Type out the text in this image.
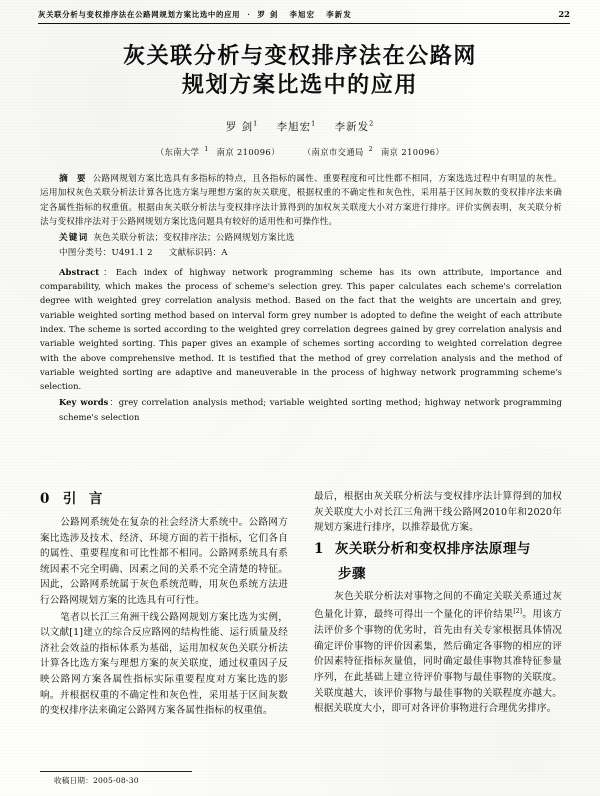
灰关联分析与变权排序法在公路网规划方案比选中的应用 · 罗 剑 李旭宏 李新发	22
灰关联分析与变权排序法在公路网
规划方案比选中的应用
罗 剑$^1$ 李旭宏$^1$ 李新发$^2$
（东南大学 $^1$ 南京 210096）	（南京市交通局 $^2$ 南京 210096）
摘 要 公路网规划方案比选具有多指标的特点，且各指标的属性、重要程度和可比性都不相同，方案选选过程中有明显的灰性。运用加权灰色关联分析法计算各比选方案与理想方案的灰关联度，根据权重的不确定性和灰色性，采用基于区间灰数的变权排序法来确定各属性指标的权重值。根据由灰关联分析法与变权排序法计算得到的加权灰关联度大小对方案进行排序。评价实例表明，灰关联分析法与变权排序法对于公路网规划方案比选问题具有较好的适用性和可操作性。
关键词 灰色关联分析法；变权排序法；公路网规划方案比选
中图分类号：U491.1 2 文献标识码：A
Abstract：Each index of highway network programming scheme has its own attribute, importance and comparability, which makes the process of scheme's selection grey. This paper calculates each scheme's correlation degree with weighted grey correlation analysis method. Based on the fact that the weights are uncertain and grey, variable weighted sorting method based on interval form grey number is adopted to define the weight of each attribute index. The scheme is sorted according to the weighted grey correlation degrees gained by grey correlation analysis and variable weighted sorting. This paper gives an example of schemes sorting according to weighted correlation degree with the above comprehensive method. It is testified that the method of grey correlation analysis and the method of variable weighted sorting are adaptive and maneuverable in the process of highway network programming scheme's selection.
Key words：grey correlation analysis method; variable weighted sorting method; highway network programming scheme's selection
0 引 言

公路网系统处在复杂的社会经济大系统中。公路网方案比选涉及技术、经济、环境方面的若干指标，它们各自的属性、重要程度和可比性都不相同。公路网系统具有系统因素不完全明确、因素之间的关系不完全清楚的特征。因此，公路网系统属于灰色系统范畴，用灰色系统方法进行公路网规划方案的比选具有可行性。

笔者以长江三角洲干线公路网规划方案比选为实例，以文献[1]建立的综合反应路网的结构性能、运行质量及经济社会效益的指标体系为基础，运用加权灰色关联分析法计算各比选方案与理想方案的灰关联度，通过权重因子反映公路网方案各属性指标实际重要程度对方案比选的影响。并根据权重的不确定性和灰色性，采用基于区间灰数的变权排序法来确定公路网方案各属性指标的权重值。

收稿日期：2005-08-30

最后，根据由灰关联分析法与变权排序法计算得到的加权灰关联度大小对长江三角洲干线公路网2010年和2020年规划方案进行排序，以推荐最优方案。

1 灰关联分析和变权排序法原理与
步骤

灰色关联分析法对事物之间的不确定关联关系通过灰色量化计算，最终可得出一个量化的评价结果[2]。用该方法评价多个事物的优劣时，首先由有关专家根据具体情况确定评价事物的评价因素集，然后确定各事物的相应的评价因素特征指标灰量值，同时确定最佳事物其准特征参量序列，在此基础上建立待评价事物与最佳事物的关联度。关联度越大，该评价事物与最佳事物的关联程度亦越大。根据关联度大小，即可对各评价事物进行合理优劣排序。
